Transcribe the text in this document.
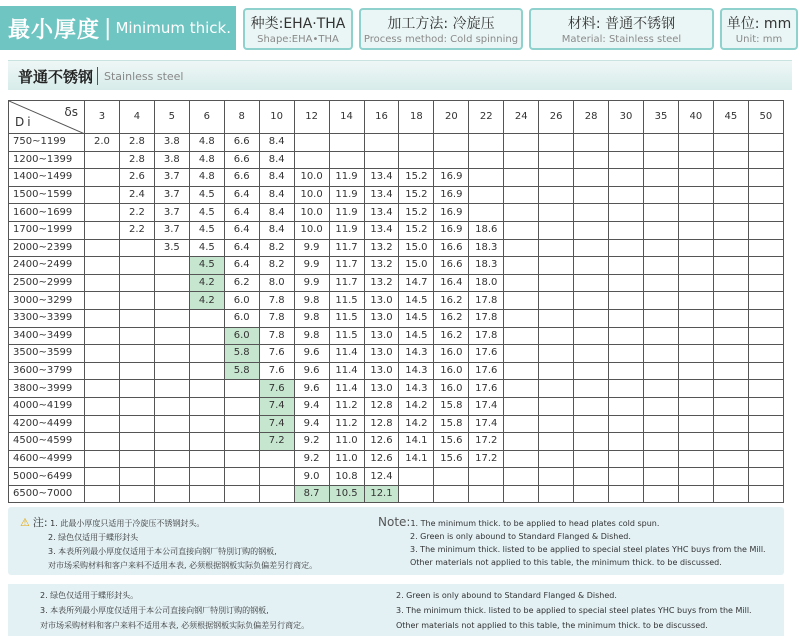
最小厚度 | Minimum thick.	种类:EHA·THA
Shape:EHA•THA
加工方法: 冷旋压
Process method: Cold spinning
材料: 普通不锈钢
Material: Stainless steel
单位: mm
Unit: mm
普通不锈钢 Stainless steel
δs
Di	3	4	5	6	8	10	12	14	16	18	20	22	24	26	28	30	35	40	45	50
750~1199	2.0	2.8	3.8	4.8	6.6	8.4														
1200~1399		2.8	3.8	4.8	6.6	8.4														
1400~1499		2.6	3.7	4.8	6.6	8.4	10.0	11.9	13.4	15.2	16.9									
1500~1599		2.4	3.7	4.5	6.4	8.4	10.0	11.9	13.4	15.2	16.9									
1600~1699		2.2	3.7	4.5	6.4	8.4	10.0	11.9	13.4	15.2	16.9									
1700~1999		2.2	3.7	4.5	6.4	8.4	10.0	11.9	13.4	15.2	16.9	18.6								
2000~2399			3.5	4.5	6.4	8.2	9.9	11.7	13.2	15.0	16.6	18.3								
2400~2499				4.5	6.4	8.2	9.9	11.7	13.2	15.0	16.6	18.3								
2500~2999				4.2	6.2	8.0	9.9	11.7	13.2	14.7	16.4	18.0								
3000~3299				4.2	6.0	7.8	9.8	11.5	13.0	14.5	16.2	17.8								
3300~3399					6.0	7.8	9.8	11.5	13.0	14.5	16.2	17.8								
3400~3499					6.0	7.8	9.8	11.5	13.0	14.5	16.2	17.8								
3500~3599					5.8	7.6	9.6	11.4	13.0	14.3	16.0	17.6								
3600~3799					5.8	7.6	9.6	11.4	13.0	14.3	16.0	17.6								
3800~3999						7.6	9.6	11.4	13.0	14.3	16.0	17.6								
4000~4199						7.4	9.4	11.2	12.8	14.2	15.8	17.4								
4200~4499						7.4	9.4	11.2	12.8	14.2	15.8	17.4								
4500~4599						7.2	9.2	11.0	12.6	14.1	15.6	17.2								
4600~4999							9.2	11.0	12.6	14.1	15.6	17.2								
5000~6499							9.0	10.8	12.4											
6500~7000							8.7	10.5	12.1											
⚠ 注: 1. 此最小厚度只适用于冷旋压不锈钢封头。
2. 绿色仅适用于蝶形封头
3. 本表所列最小厚度仅适用于本公司直接向钢厂特別订购的钢板,
对市场采购材料和客户来料不适用本表, 必须根据钢板实际负偏差另行商定。
Note:1. The minimum thick. to be applied to head plates cold spun.
2. Green is only abound to Standard Flanged & Dished.
3. The minimum thick. listed to be applied to special steel plates YHC buys from the Mill.
Other materials not applied to this table, the minimum thick. to be discussed.
2. 绿色仅适用于蝶形封头。
3. 本表所列最小厚度仅适用于本公司直接向钢厂特別订购的钢板,
对市场采购材料和客户来料不适用本表, 必须根据钢板实际负偏差另行商定。
2. Green is only abound to Standard Flanged & Dished.
3. The minimum thick. listed to be applied to special steel plates YHC buys from the Mill.
Other materials not applied to this table, the minimum thick. to be discussed.
